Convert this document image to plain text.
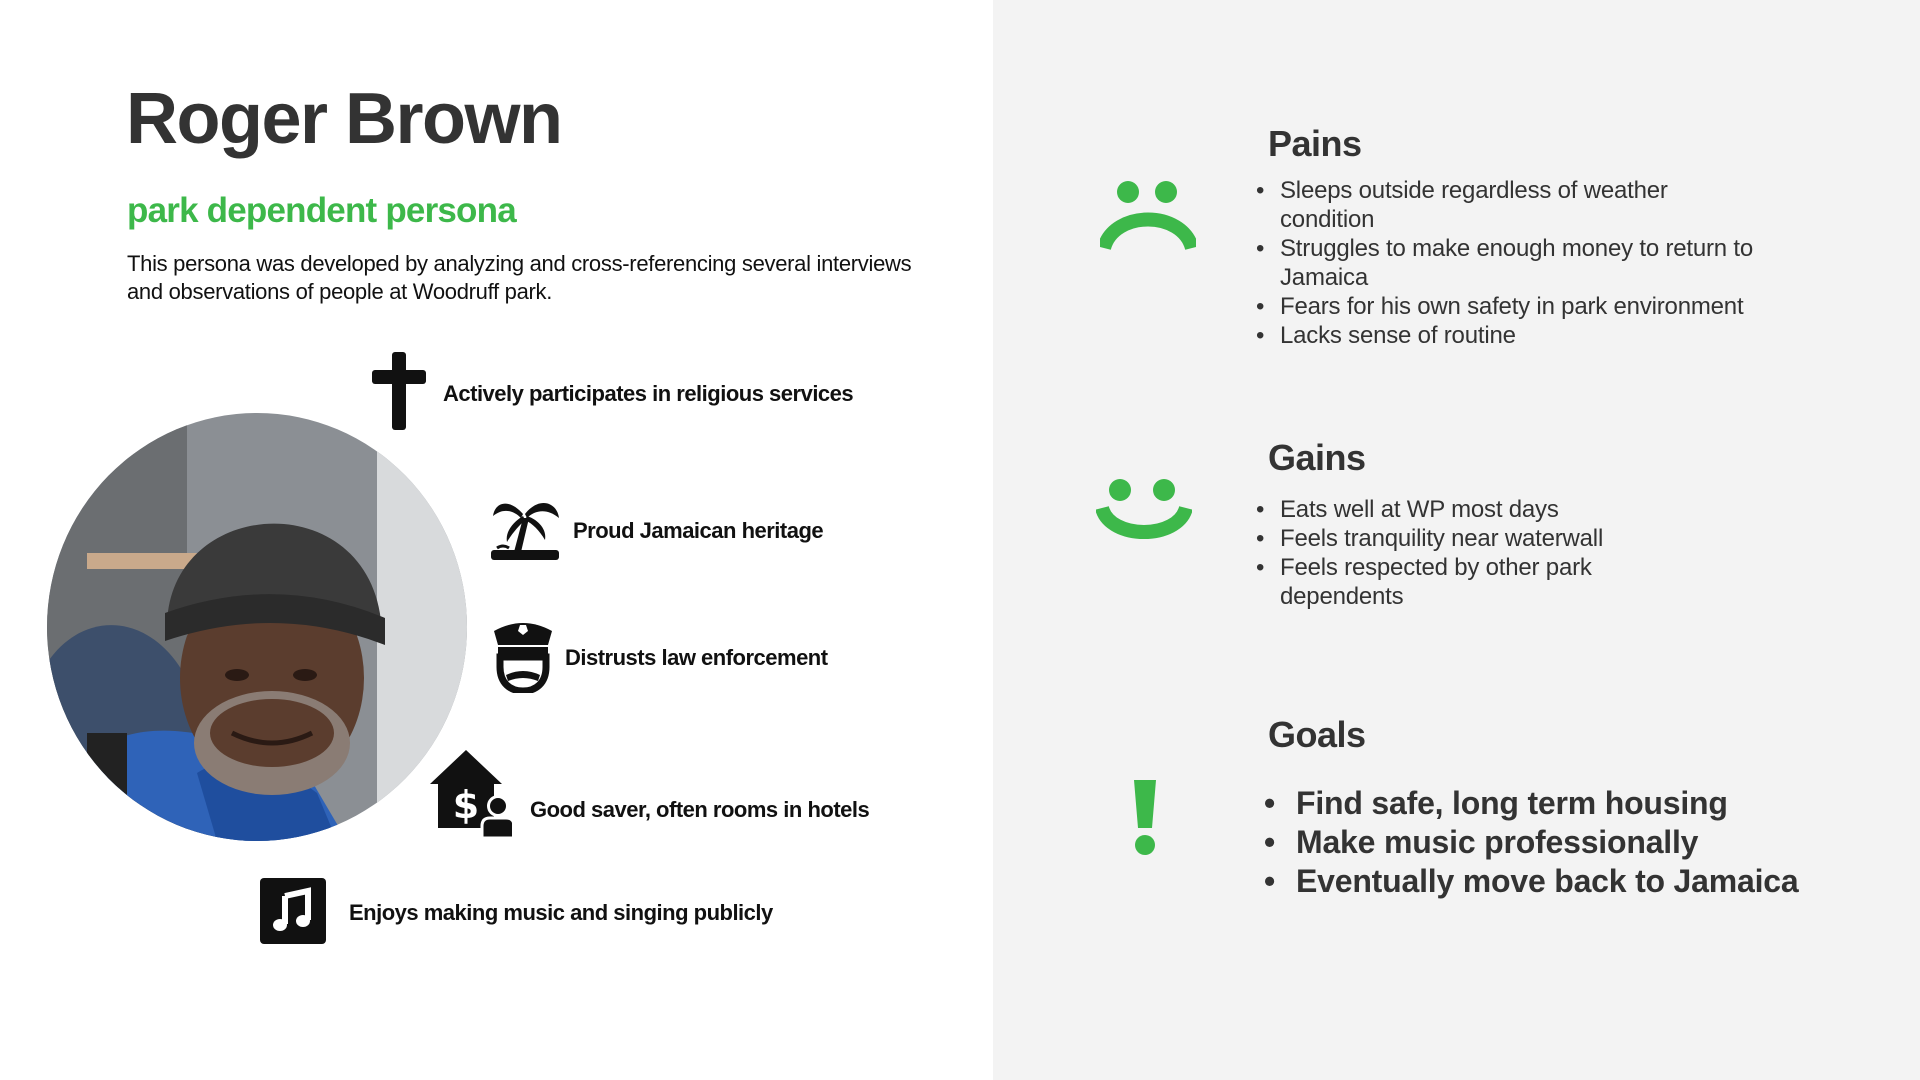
Roger Brown
park dependent persona
This persona was developed by analyzing and cross-referencing several interviews and observations of people at Woodruff park.
Actively participates in religious services
Proud Jamaican heritage
Distrusts law enforcement
$ Good saver, often rooms in hotels
Enjoys making music and singing publicly
Pains
• Sleeps outside regardless of weather condition
• Struggles to make enough money to return to Jamaica
• Fears for his own safety in park environment
• Lacks sense of routine
Gains
• Eats well at WP most days
• Feels tranquility near waterwall
• Feels respected by other park dependents
Goals
• Find safe, long term housing
• Make music professionally
• Eventually move back to Jamaica
